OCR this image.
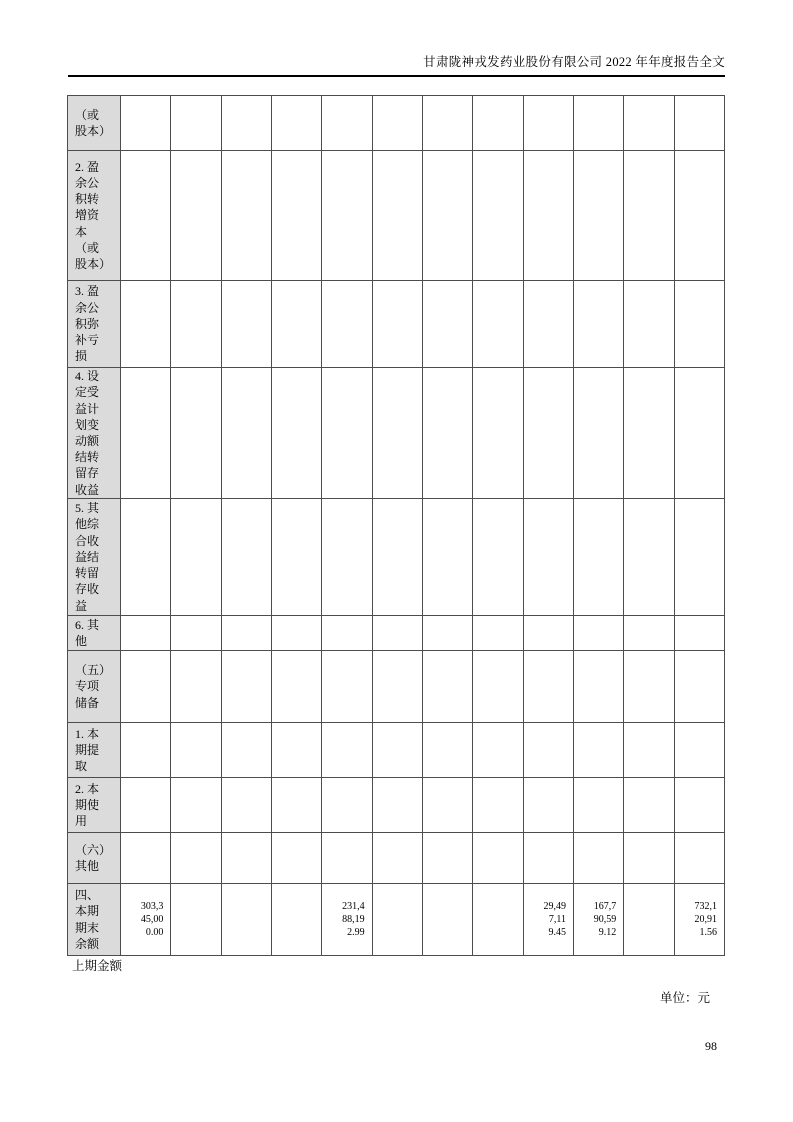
甘肃陇神戎发药业股份有限公司 2022 年年度报告全文
（或股本）												

2. 盈余公积转增资本（或股本）												

3. 盈余公积弥补亏损												

4. 设定受益计划变动额结转留存收益												

5. 其他综合收益结转留存收益												

6. 其他												

（五）专项储备												

1. 本期提取												

2. 本期使用												

（六）其他												

四、本期期末余额	303,345,000.00				231,488,192.99				29,497,119.45	167,790,599.12		732,120,911.56
上期金额
单位：元
98
